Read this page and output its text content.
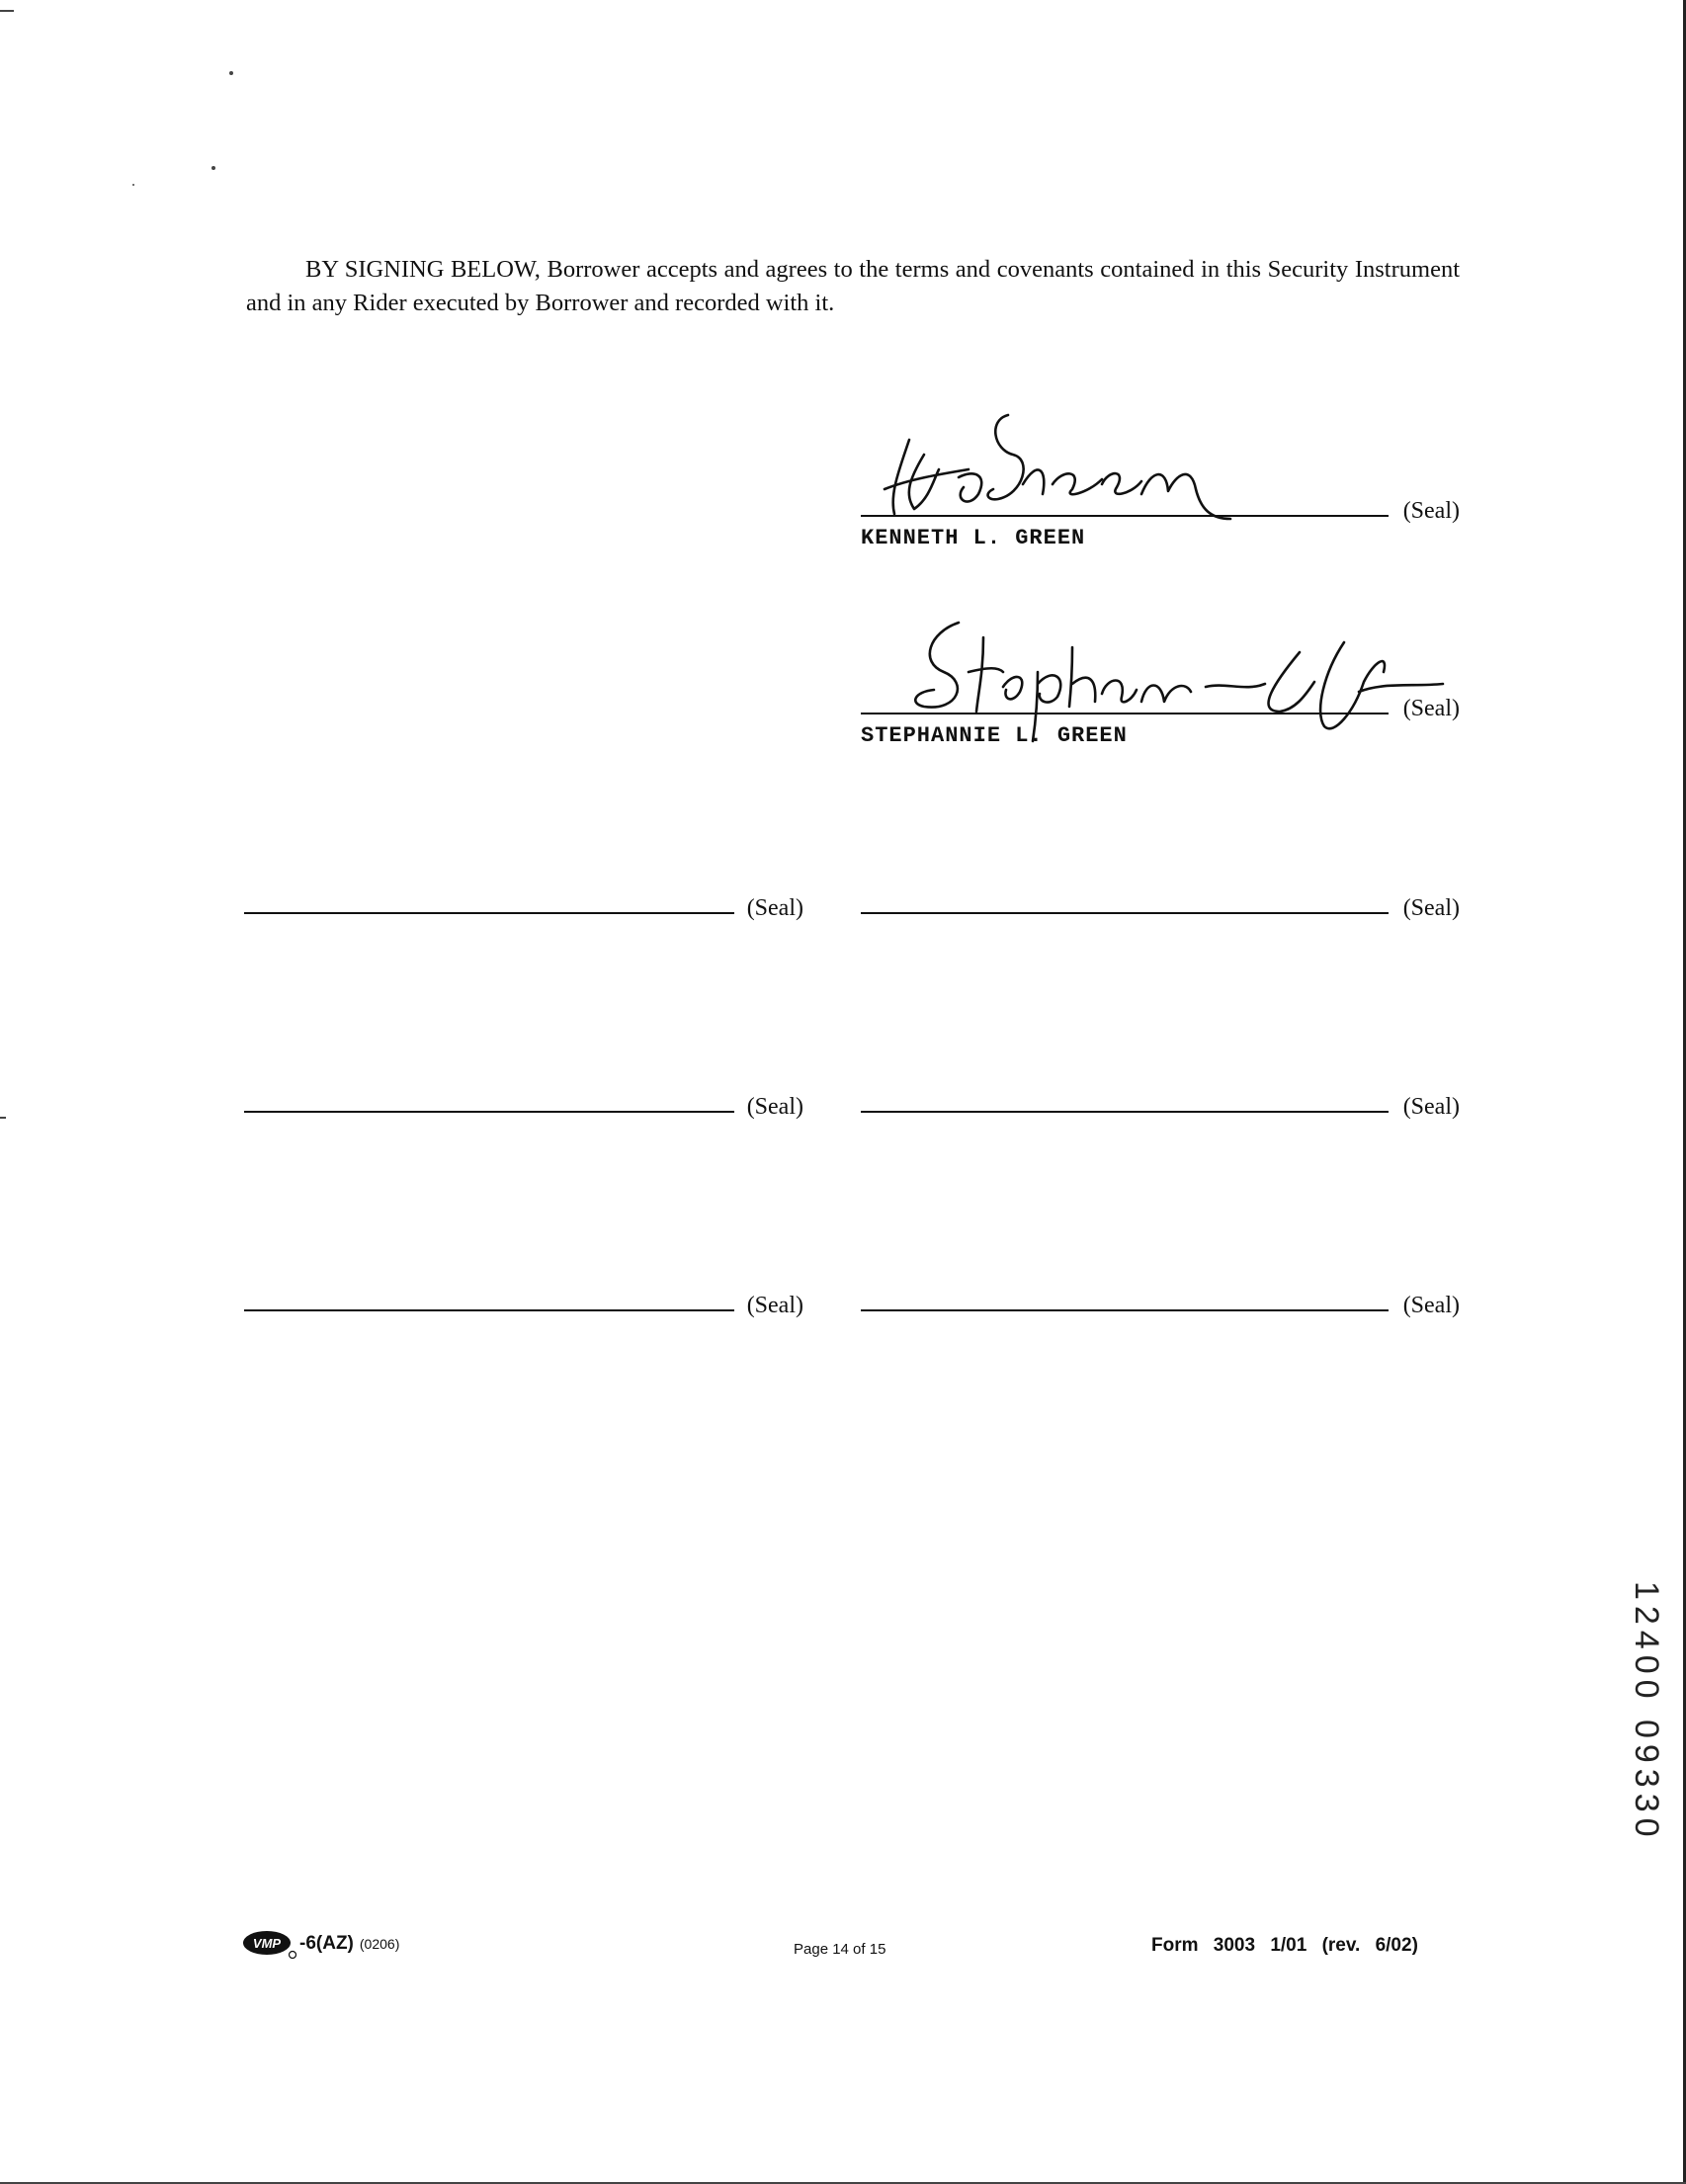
BY SIGNING BELOW, Borrower accepts and agrees to the terms and covenants contained in this Security Instrument and in any Rider executed by Borrower and recorded with it.

(Seal)
KENNETH L. GREEN
(Seal)
STEPHANNIE L. GREEN
(Seal)	(Seal)
(Seal)	(Seal)
(Seal)	(Seal)
VMP -6(AZ) (0206)	Page 14 of 15	Form 3003 1/01 (rev. 6/02)
12400 09330
